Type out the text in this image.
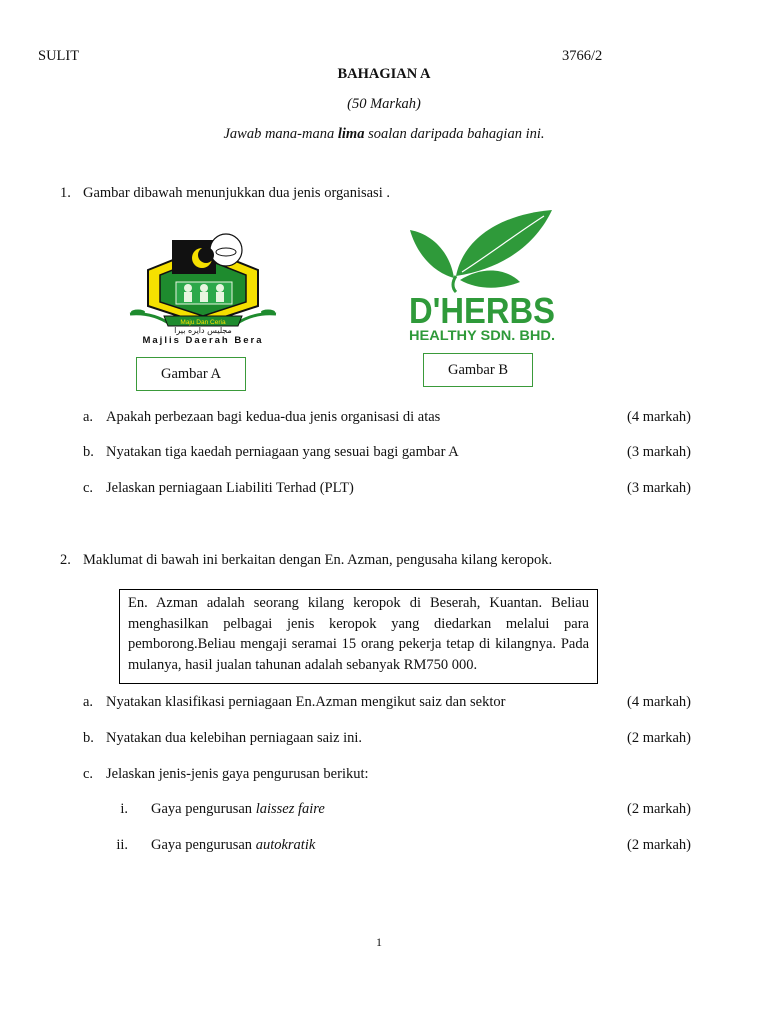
SULIT	3766/2
BAHAGIAN A
(50 Markah)
Jawab mana-mana lima soalan daripada bahagian ini.
1. Gambar dibawah menunjukkan dua jenis organisasi .
Maju Dan Ceria
مجليس دايره بيرا
Majlis Daerah Bera
D'HERBS
HEALTHY SDN. BHD.
Gambar A	Gambar B
a. Apakah perbezaan bagi kedua-dua jenis organisasi di atas	(4 markah)
b. Nyatakan tiga kaedah perniagaan yang sesuai bagi gambar A	(3 markah)
c. Jelaskan perniagaan Liabiliti Terhad (PLT)	(3 markah)
2. Maklumat di bawah ini berkaitan dengan En. Azman, pengusaha kilang keropok.
En. Azman adalah seorang kilang keropok di Beserah, Kuantan. Beliau menghasilkan pelbagai jenis keropok yang diedarkan melalui para pemborong.Beliau mengaji seramai 15 orang pekerja tetap di kilangnya. Pada mulanya, hasil jualan tahunan adalah sebanyak RM750 000.
a. Nyatakan klasifikasi perniagaan En.Azman mengikut saiz dan sektor	(4 markah)
b. Nyatakan dua kelebihan perniagaan saiz ini.	(2 markah)
c. Jelaskan jenis-jenis gaya pengurusan berikut:
i. Gaya pengurusan laissez faire	(2 markah)
ii. Gaya pengurusan autokratik	(2 markah)
1
